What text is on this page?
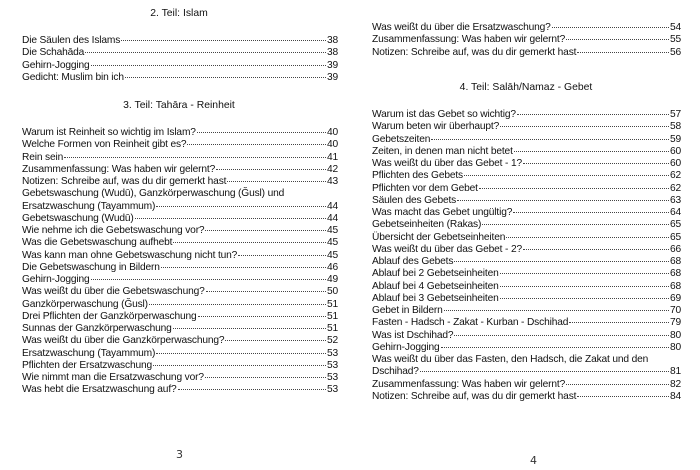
2. Teil: Islam
Die Säulen des Islams	38
Die Schahāda	38
Gehirn-Jogging	39
Gedicht: Muslim bin ich	39
3. Teil: Tahāra - Reinheit
Warum ist Reinheit so wichtig im Islam?	40
Welche Formen von Reinheit gibt es?	40
Rein sein	41
Zusammenfassung: Was haben wir gelernt?	42
Notizen: Schreibe auf, was du dir gemerkt hast	43
Gebetswaschung (Wudū), Ganzkörperwaschung (Ğusl) und
Ersatzwaschung (Tayammum)	44
Gebetswaschung (Wudū)	44
Wie nehme ich die Gebetswaschung vor?	45
Was die Gebetswaschung aufhebt	45
Was kann man ohne Gebetswaschung nicht tun?	45
Die Gebetswaschung in Bildern	46
Gehirn-Jogging	49
Was weißt du über die Gebetswaschung?	50
Ganzkörperwaschung (Ğusl)	51
Drei Pflichten der Ganzkörperwaschung	51
Sunnas der Ganzkörperwaschung	51
Was weißt du über die Ganzkörperwaschung?	52
Ersatzwaschung (Tayammum)	53
Pflichten der Ersatzwaschung	53
Wie nimmt man die Ersatzwaschung vor?	53
Was hebt die Ersatzwaschung auf?	53
3
Was weißt du über die Ersatzwaschung?	54
Zusammenfassung: Was haben wir gelernt?	55
Notizen: Schreibe auf, was du dir gemerkt hast	56
4. Teil: Salāh/Namaz - Gebet
Warum ist das Gebet so wichtig?	57
Warum beten wir überhaupt?	58
Gebetszeiten	59
Zeiten, in denen man nicht betet	60
Was weißt du über das Gebet - 1?	60
Pflichten des Gebets	62
Pflichten vor dem Gebet	62
Säulen des Gebets	63
Was macht das Gebet ungültig?	64
Gebetseinheiten (Rakas)	65
Übersicht der Gebetseinheiten	65
Was weißt du über das Gebet - 2?	66
Ablauf des Gebets	68
Ablauf bei 2 Gebetseinheiten	68
Ablauf bei 4 Gebetseinheiten	68
Ablauf bei 3 Gebetseinheiten	69
Gebet in Bildern	70
Fasten - Hadsch - Zakat - Kurban - Dschihad	79
Was ist Dschihad?	80
Gehirn-Jogging	80
Was weißt du über das Fasten, den Hadsch, die Zakat und den
Dschihad?	81
Zusammenfassung: Was haben wir gelernt?	82
Notizen: Schreibe auf, was du dir gemerkt hast	84
4
